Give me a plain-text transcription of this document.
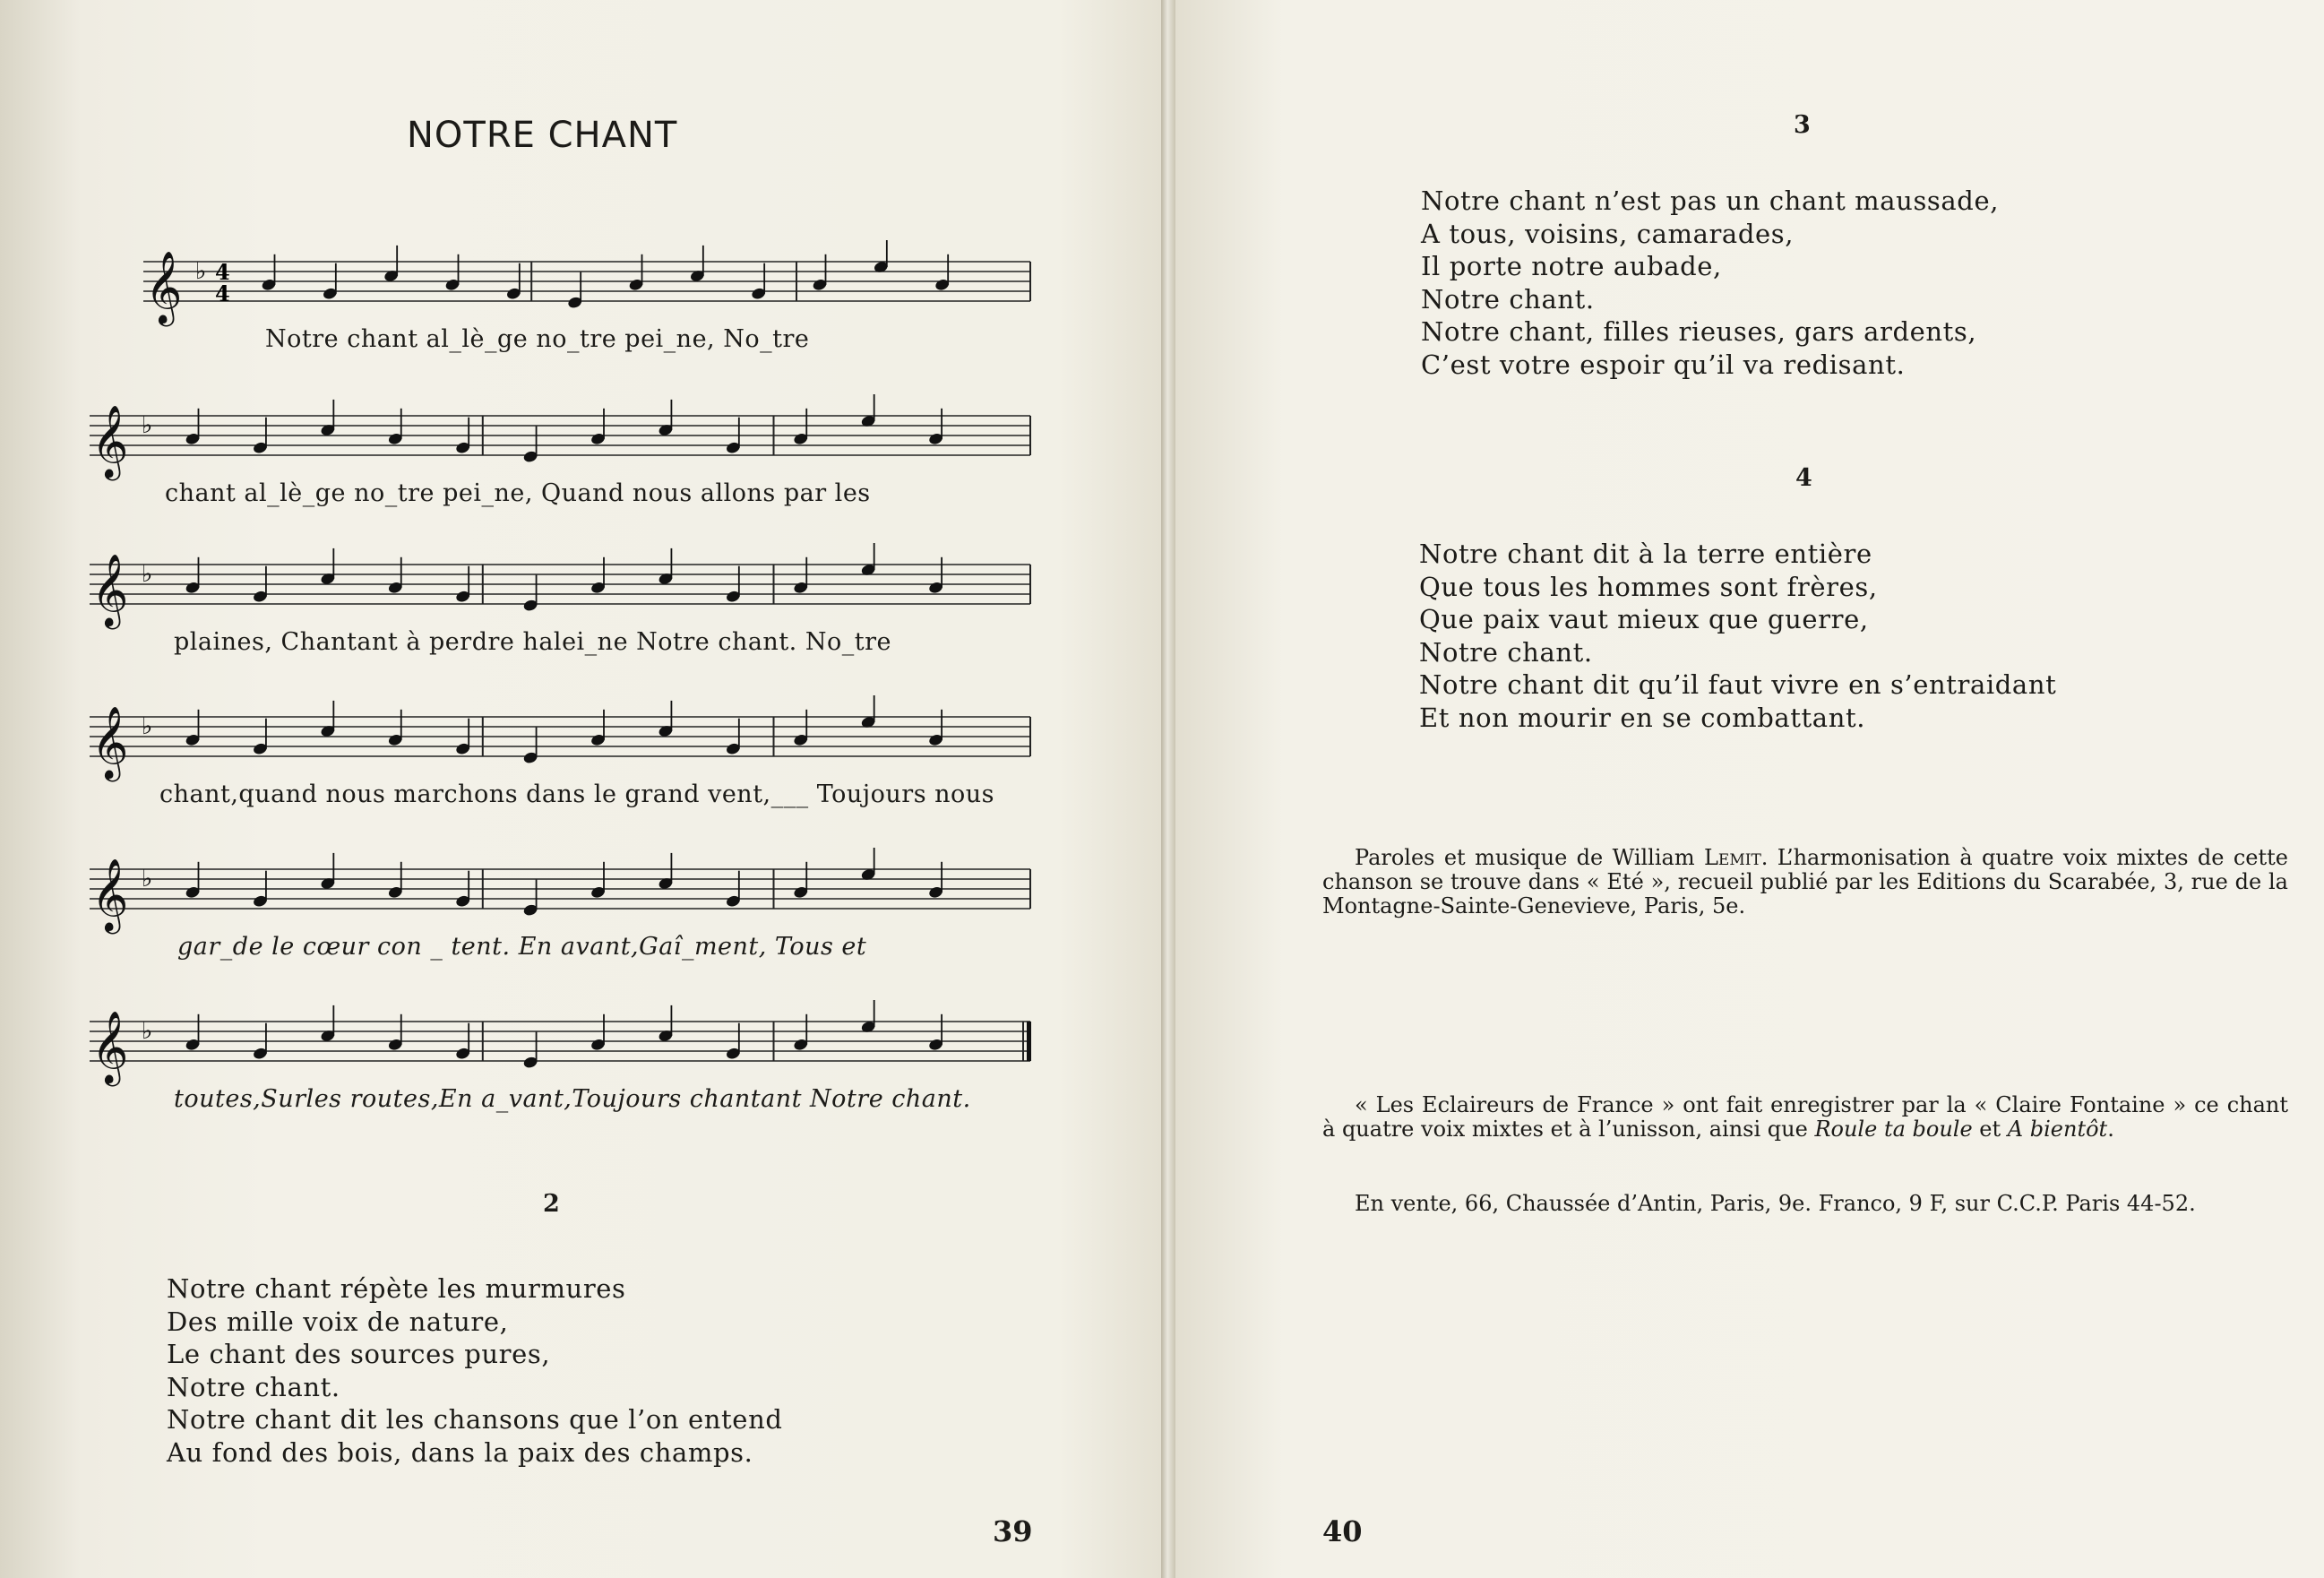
NOTRE CHANT
𝄞 ♭ 4
4
Notre chant al_lè_ge no_tre pei_ne, No_tre
𝄞 ♭
chant al_lè_ge no_tre pei_ne, Quand nous allons par les
𝄞 ♭
plaines, Chantant à perdre halei_ne Notre chant. No_tre
𝄞 ♭
chant,quand nous marchons dans le grand vent,___ Toujours nous
𝄞 ♭
gar_de le cœur con _ tent. En avant,Gaî_ment, Tous et
𝄞 ♭
toutes,Surles routes,En a_vant,Toujours chantant Notre chant.

2

Notre chant répète les murmures
Des mille voix de nature,
Le chant des sources pures,
Notre chant.
Notre chant dit les chansons que l’on entend
Au fond des bois, dans la paix des champs.

39

3

Notre chant n’est pas un chant maussade,
A tous, voisins, camarades,
Il porte notre aubade,
Notre chant.
Notre chant, filles rieuses, gars ardents,
C’est votre espoir qu’il va redisant.

4

Notre chant dit à la terre entière
Que tous les hommes sont frères,
Que paix vaut mieux que guerre,
Notre chant.
Notre chant dit qu’il faut vivre en s’entraidant
Et non mourir en se combattant.

Paroles et musique de William Lemit. L’harmonisation à quatre voix mixtes de cette chanson se trouve dans « Eté », recueil publié par les Editions du Scarabée, 3, rue de la Montagne-Sainte-Genevieve, Paris, 5e.

« Les Eclaireurs de France » ont fait enregistrer par la « Claire Fontaine » ce chant à quatre voix mixtes et à l’unisson, ainsi que Roule ta boule et A bientôt.

En vente, 66, Chaussée d’Antin, Paris, 9e. Franco, 9 F, sur C.C.P. Paris 44-52.

40
